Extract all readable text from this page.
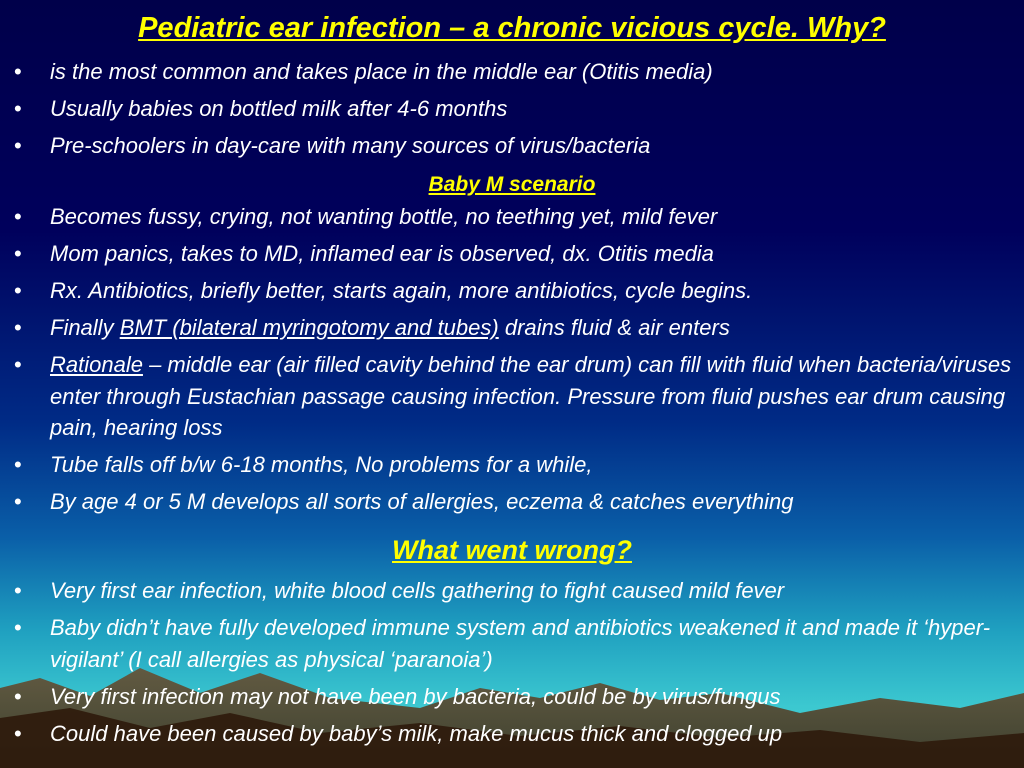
Pediatric ear infection – a chronic vicious cycle. Why?
• is the most common and takes place in the middle ear (Otitis media)
• Usually babies on bottled milk after 4-6 months
• Pre-schoolers in day-care with many sources of virus/bacteria
Baby M scenario
• Becomes fussy, crying, not wanting bottle, no teething yet, mild fever
• Mom panics, takes to MD, inflamed ear is observed, dx. Otitis media
• Rx. Antibiotics, briefly better, starts again, more antibiotics, cycle begins.
• Finally BMT (bilateral myringotomy and tubes) drains fluid & air enters
• Rationale – middle ear (air filled cavity behind the ear drum) can fill with fluid when bacteria/viruses enter through Eustachian passage causing infection. Pressure from fluid pushes ear drum causing pain, hearing loss
• Tube falls off b/w 6-18 months, No problems for a while,
• By age 4 or 5 M develops all sorts of allergies, eczema & catches everything
What went wrong?
• Very first ear infection, white blood cells gathering to fight caused mild fever
• Baby didn’t have fully developed immune system and antibiotics weakened it and made it ‘hyper-vigilant’ (I call allergies as physical ‘paranoia’)
• Very first infection may not have been by bacteria, could be by virus/fungus
• Could have been caused by baby’s milk, make mucus thick and clogged up
